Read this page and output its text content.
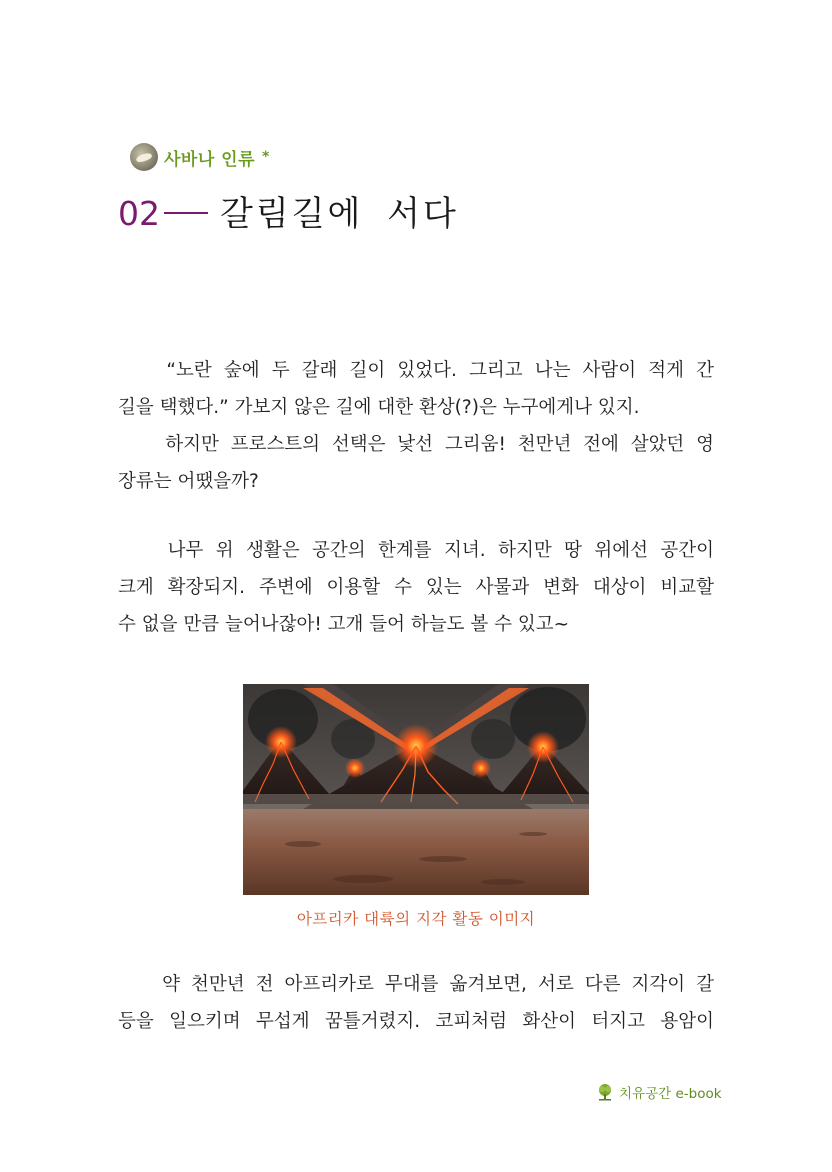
사바나 인류 *
02 갈림길에 서다
“노란 숲에 두 갈래 길이 있었다. 그리고 나는 사람이 적게 간
길을 택했다.” 가보지 않은 길에 대한 환상(?)은 누구에게나 있지.
하지만 프로스트의 선택은 낯선 그리움! 천만년 전에 살았던 영
장류는 어땠을까?
나무 위 생활은 공간의 한계를 지녀. 하지만 땅 위에선 공간이
크게 확장되지. 주변에 이용할 수 있는 사물과 변화 대상이 비교할
수 없을 만큼 늘어나잖아! 고개 들어 하늘도 볼 수 있고~
아프리카 대륙의 지각 활동 이미지
약 천만년 전 아프리카로 무대를 옮겨보면, 서로 다른 지각이 갈
등을 일으키며 무섭게 꿈틀거렸지. 코피처럼 화산이 터지고 용암이
치유공간 e-book
